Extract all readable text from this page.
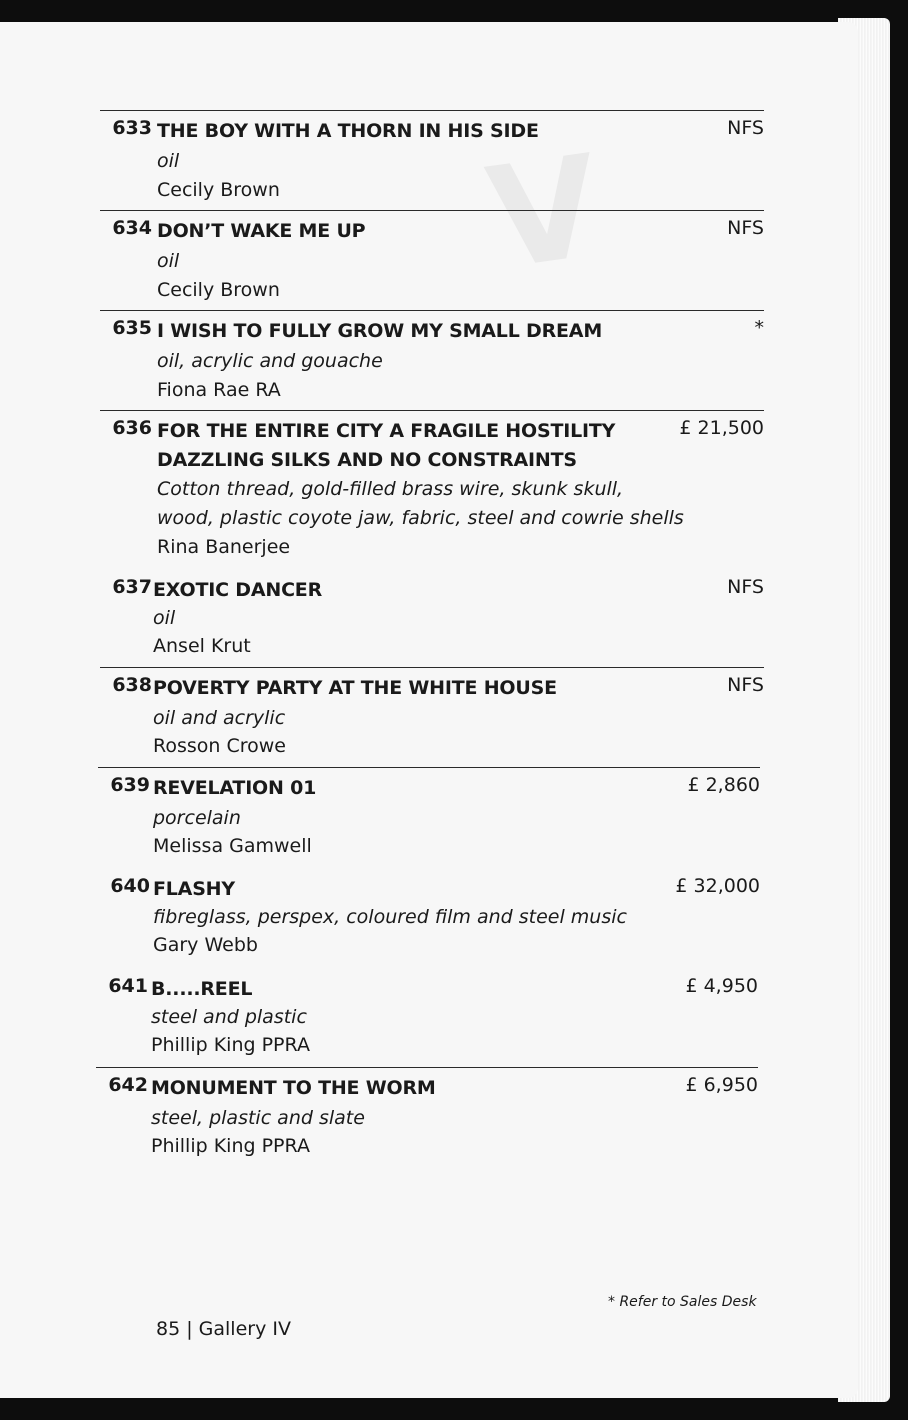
V
633 THE BOY WITH A THORN IN HIS SIDE
oil
Cecily Brown
NFS
634 DON’T WAKE ME UP
oil
Cecily Brown
NFS
635 I WISH TO FULLY GROW MY SMALL DREAM
oil, acrylic and gouache
Fiona Rae RA
*
636 FOR THE ENTIRE CITY A FRAGILE HOSTILITY
DAZZLING SILKS AND NO CONSTRAINTS
Cotton thread, gold-filled brass wire, skunk skull,
wood, plastic coyote jaw, fabric, steel and cowrie shells
Rina Banerjee
£ 21,500
637 EXOTIC DANCER
oil
Ansel Krut
NFS
638 POVERTY PARTY AT THE WHITE HOUSE
oil and acrylic
Rosson Crowe
NFS
639 REVELATION 01
porcelain
Melissa Gamwell
£ 2,860
640 FLASHY
fibreglass, perspex, coloured film and steel music
Gary Webb
£ 32,000
641 B.....REEL
steel and plastic
Phillip King PPRA
£ 4,950
642 MONUMENT TO THE WORM
steel, plastic and slate
Phillip King PPRA
£ 6,950
* Refer to Sales Desk
85 | Gallery IV
